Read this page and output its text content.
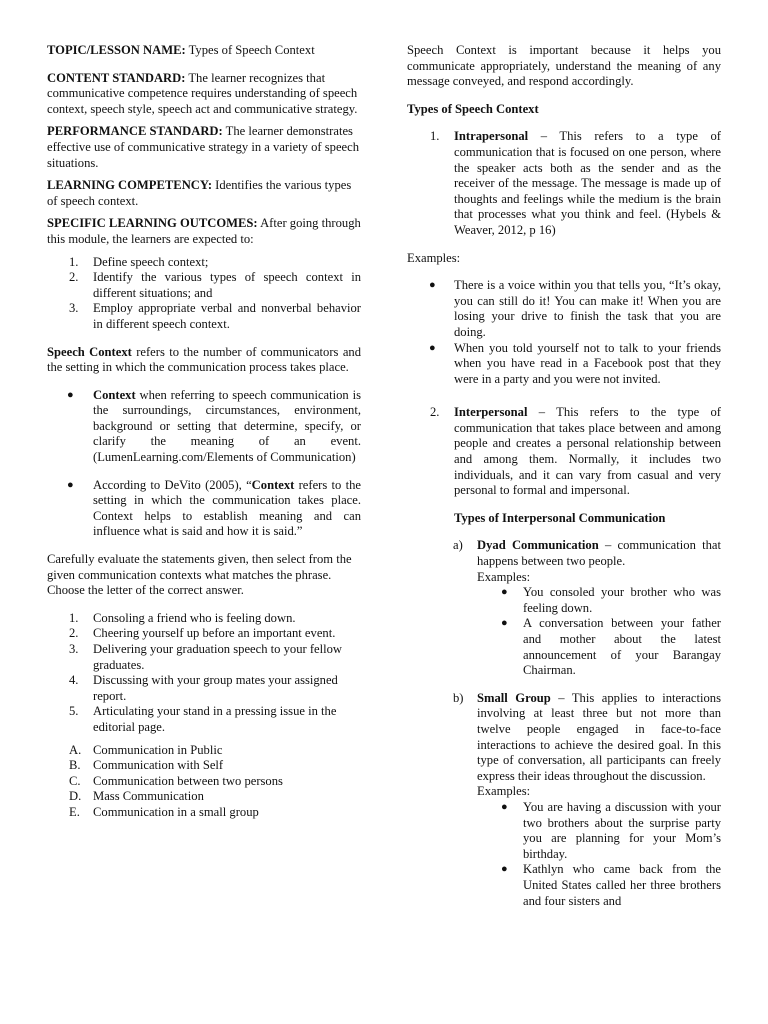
TOPIC/LESSON NAME: Types of Speech Context

CONTENT STANDARD: The learner recognizes that communicative competence requires understanding of speech context, speech style, speech act and communicative strategy.

PERFORMANCE STANDARD: The learner demonstrates effective use of communicative strategy in a variety of speech situations.

LEARNING COMPETENCY: Identifies the various types of speech context.

SPECIFIC LEARNING OUTCOMES: After going through this module, the learners are expected to:

1. Define speech context;
2. Identify the various types of speech context in different situations; and
3. Employ appropriate verbal and nonverbal behavior in different speech context.

Speech Context refers to the number of communicators and the setting in which the communication process takes place.

● Context when referring to speech communication is the surroundings, circumstances, environment, background or setting that determine, specify, or clarify the meaning of an event. (LumenLearning.com/Elements of Communication)
● According to DeVito (2005), “Context refers to the setting in which the communication takes place. Context helps to establish meaning and can influence what is said and how it is said.”

Carefully evaluate the statements given, then select from the given communication contexts what matches the phrase. Choose the letter of the correct answer.

1. Consoling a friend who is feeling down.
2. Cheering yourself up before an important event.
3. Delivering your graduation speech to your fellow graduates.
4. Discussing with your group mates your assigned report.
5. Articulating your stand in a pressing issue in the editorial page.
A. Communication in Public
B. Communication with Self
C. Communication between two persons
D. Mass Communication
E. Communication in a small group

Speech Context is important because it helps you communicate appropriately, understand the meaning of any message conveyed, and respond accordingly.

Types of Speech Context

1. Intrapersonal – This refers to a type of communication that is focused on one person, where the speaker acts both as the sender and as the receiver of the message. The message is made up of thoughts and feelings while the medium is the brain that processes what you think and feel. (Hybels & Weaver, 2012, p 16)

Examples:

● There is a voice within you that tells you, “It’s okay, you can still do it! You can make it! When you are losing your drive to finish the task that you are doing.
● When you told yourself not to talk to your friends when you have read in a Facebook post that they were in a party and you were not invited.
2. Interpersonal – This refers to the type of communication that takes place between and among people and creates a personal relationship between and among them. Normally, it includes two individuals, and it can vary from casual and very personal to formal and impersonal.

Types of Interpersonal Communication

a) Dyad Communication – communication that happens between two people.

Examples:

● You consoled your brother who was feeling down.
● A conversation between your father and mother about the latest announcement of your Barangay Chairman.
b) Small Group – This applies to interactions involving at least three but not more than twelve people engaged in face-to-face interactions to achieve the desired goal. In this type of conversation, all participants can freely express their ideas throughout the discussion.

Examples:

● You are having a discussion with your two brothers about the surprise party you are planning for your Mom’s birthday.
● Kathlyn who came back from the United States called her three brothers and four sisters and
